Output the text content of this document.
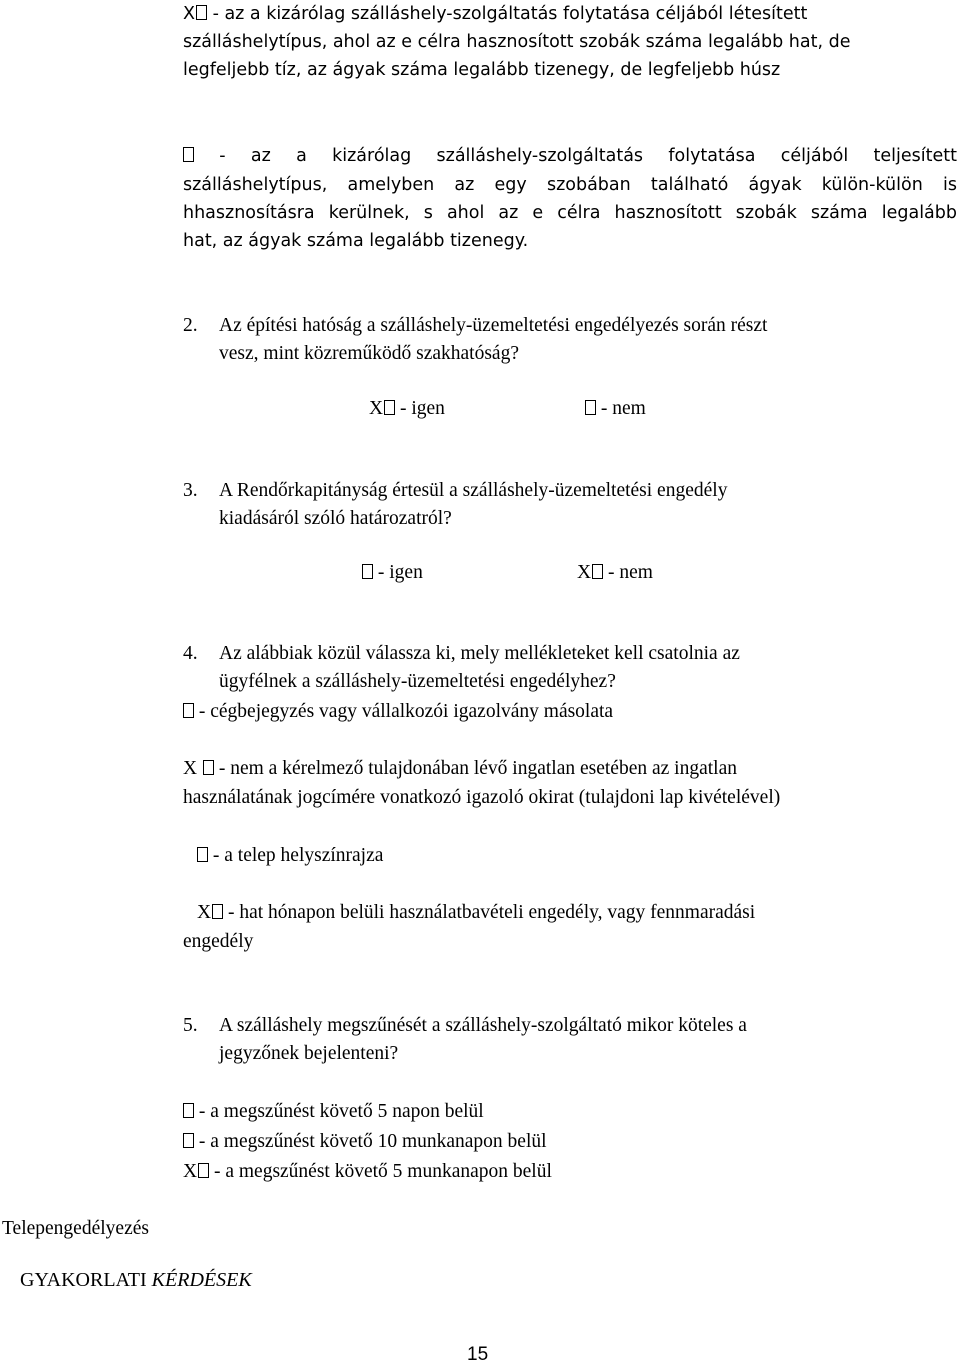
X - az a kizárólag szálláshely-szolgáltatás folytatása céljából létesített
szálláshelytípus, ahol az e célra hasznosított szobák száma legalább hat, de
legfeljebb tíz, az ágyak száma legalább tizenegy, de legfeljebb húsz
- az a kizárólag szálláshely-szolgáltatás folytatása céljából teljesített
szálláshelytípus, amelyben az egy szobában található ágyak külön-külön is
hhasznosításra kerülnek, s ahol az e célra hasznosított szobák száma legalább
hat, az ágyak száma legalább tizenegy.
2. Az építési hatóság a szálláshely-üzemeltetési engedélyezés során részt
vesz, mint közreműködő szakhatóság?
X - igen	- nem
3. A Rendőrkapitányság értesül a szálláshely-üzemeltetési engedély
kiadásáról szóló határozatról?
- igen	X - nem
4. Az alábbiak közül válassza ki, mely mellékleteket kell csatolnia az
ügyfélnek a szálláshely-üzemeltetési engedélyhez?
- cégbejegyzés vagy vállalkozói igazolvány másolata
X - nem a kérelmező tulajdonában lévő ingatlan esetében az ingatlan
használatának jogcímére vonatkozó igazoló okirat (tulajdoni lap kivételével)
- a telep helyszínrajza
X - hat hónapon belüli használatbavételi engedély, vagy fennmaradási
engedély
5. A szálláshely megszűnését a szálláshely-szolgáltató mikor köteles a
jegyzőnek bejelenteni?
- a megszűnést követő 5 napon belül
- a megszűnést követő 10 munkanapon belül
X - a megszűnést követő 5 munkanapon belül
Telepengedélyezés
GYAKORLATI KÉRDÉSEK
15
